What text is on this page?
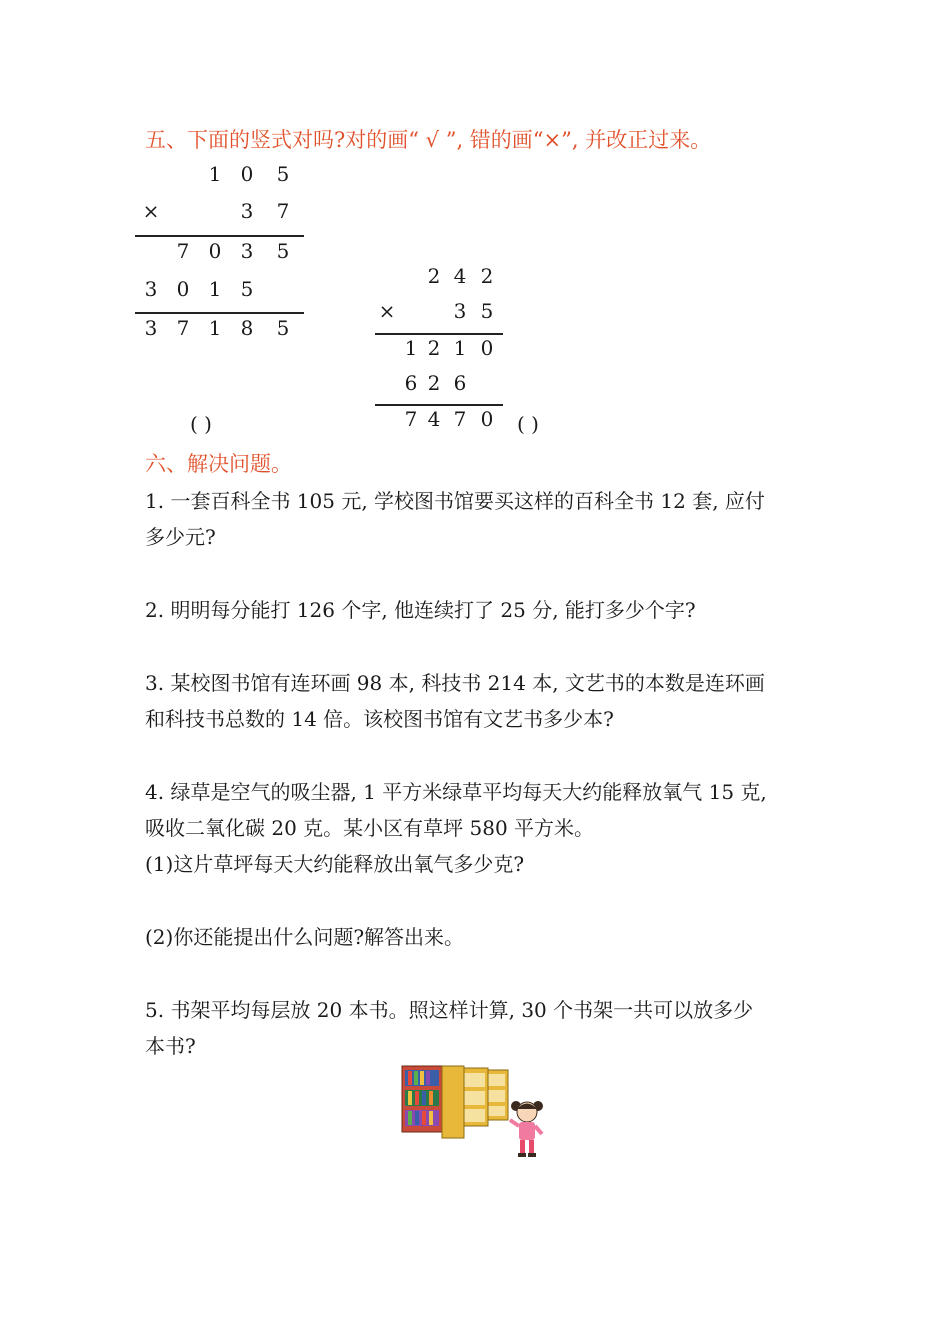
五、下面的竖式对吗?对的画“ √ ”, 错的画“×”, 并改正过来。
1 0 5
×	3 7
7 0 3 5
3 0 1 5
3 7 1 8 5
( )
2 4 2
×	3 5
1 2 1 0
6 2 6
7 4 7 0 ( )
六、解决问题。
1. 一套百科全书 105 元, 学校图书馆要买这样的百科全书 12 套, 应付
多少元?
2. 明明每分能打 126 个字, 他连续打了 25 分, 能打多少个字?
3. 某校图书馆有连环画 98 本, 科技书 214 本, 文艺书的本数是连环画
和科技书总数的 14 倍。该校图书馆有文艺书多少本?
4. 绿草是空气的吸尘器, 1 平方米绿草平均每天大约能释放氧气 15 克,
吸收二氧化碳 20 克。某小区有草坪 580 平方米。
(1)这片草坪每天大约能释放出氧气多少克?
(2)你还能提出什么问题?解答出来。
5. 书架平均每层放 20 本书。照这样计算, 30 个书架一共可以放多少
本书?
